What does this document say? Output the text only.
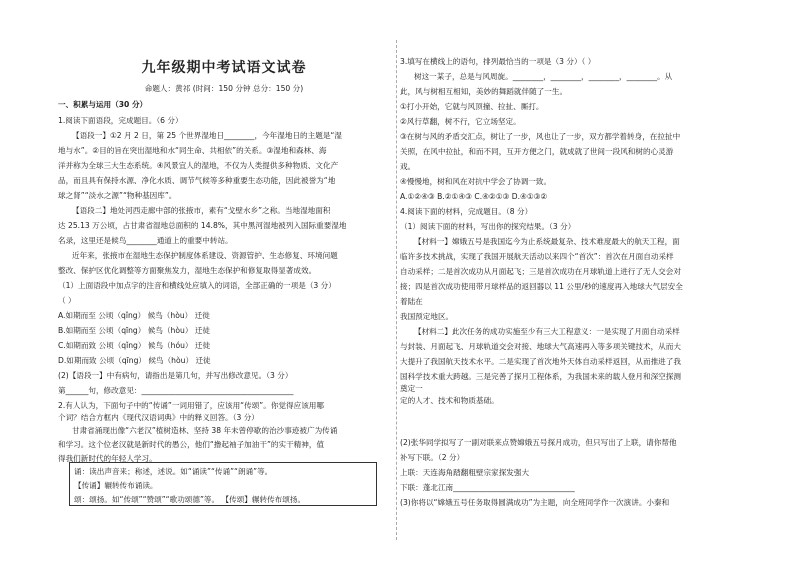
九年级期中考试语文试卷
命题人：黄祁 (时间：150 分钟 总分：150 分)
一、积累与运用（30 分）
1.阅读下面语段，完成题目。（6 分）
【语段一】①2 月 2 日，第 25 个世界湿地日________，今年湿地日的主题是“湿
地与水”。②目的旨在突出湿地和水“同生命、共相依”的关系。③湿地和森林、海
洋并称为全球三大生态系统。④风景宜人的湿地，不仅为人类提供多种物质、文化产
品，而且具有保持水源、净化水质、调节气候等多种重要生态功能，因此被誉为“地
球之肾”“淡水之源”“物种基因库”。
【语段二】地处河西走廊中部的张掖市，素有“戈壁水乡”之称。当地湿地面积
达 25.13 万公顷，占甘肃省湿地总面积的 14.8%，其中黑河湿地被列入国际重要湿地
名录，这里还是候鸟________通道上的重要中转站。
近年来，张掖市在湿地生态保护制度体系建设、资源管护、生态修复、环境问题
整改、保护区优化调整等方面聚焦发力，湿地生态保护和修复取得显著成效。
（1）上面语段中加点字的注音和横线处应填入的词语，全部正确的一项是（3 分）
（ ）
A.如期而至 公顷（qǐng） 候鸟（hòu） 迁徙
B.如期而至 公顷（qīng） 候鸟（hòu） 迁徒
C.如期而致 公顷（qǐng） 候鸟（hóu） 迁徙
D.如期而致 公顷（qīng） 候鸟（hòu） 迁徒
(2)【语段一】中有病句，请指出是第几句，并写出修改意见。（3 分）
第______句，修改意见：________________________________________
2.有人认为，下面句子中的“传诵”一词用错了，应该用“传颂”。你觉得应该用哪
个词？结合方框内《现代汉语词典》中的释义回答。（3 分）
甘肃省涌现出像“六老汉”植树造林、坚持 38 年未曾停歇的治沙事迹被广为传诵
和学习。这个位老汉就是新时代的愚公，他们“撸起袖子加油干”的实干精神，值
得我们新时代的年轻人学习。
诵：读出声音来；称述，述说。如“诵读”“传诵”“朗诵”等。
【传诵】辗转传布诵读。
颂：颂扬。如“传颂”“赞颂”“歌功颂德”等。 【传颂】辗转传布颂扬。
3.填写在横线上的语句，排列最恰当的一项是（3 分）（ ）
树这一某子，总是与风周旋。________，________，________，________。从
此，风与树相互相知，美妙的舞蹈就伴随了一生。
①打小开始，它就与风顶撞、拉扯、厮打。
②风行草翻，树不行，它立场坚定。
③在树与风的矛盾交汇点，树让了一步，风也让了一步，双方都学着转身，在拉扯中
关照，在风中拉扯，和而不同，互开方便之门，就成就了世间一段风和树的心灵游
戏。
④慢慢地，树和风在对抗中学会了协调一致。
A.①②④③ B.②①④③ C.④②①③ D.④①③②
4.阅读下面的材料，完成题目。（8 分）
（1）阅读下面的材料，写出你的探究结果。（3 分）
【材料一】嫦娥五号是我国迄今为止系统最复杂、技术难度最大的航天工程，面
临许多技术挑战，实现了我国开展航天活动以来四个“首次”：首次在月面自动采样
自动采样；二是首次成功从月面起飞；三是首次成功在月球轨道上进行了无人交会对
接；四是首次成功使用带月球样品的返回器以 11 公里/秒的速度再入地球大气层安全
着陆在
我国预定地区。
【材料二】此次任务的成功实施至少有三大工程意义：一是实现了月面自动采样
与封装、月面起飞、月球轨道交会对接、地球大气高速再入等多项关键技术，从而大
大提升了我国航天技术水平。二是实现了首次地外天体自动采样返回，从而推进了我
国科学技术重大跨越。三是完善了探月工程体系，为我国未来的载人登月和深空探测
奠定一
定的人才、技术和物质基础。
(2)张华同学拟写了一副对联来点赞嫦娥五号探月成功，但只写出了上联，请你帮他
补写下联。（2 分）
上联：天连海角踏翻粗壁宗家探发强大
下联：蓬北江南________________________________
(3)你将以“嫦娥五号任务取得圆满成功”为主题，向全班同学作一次演讲。小秦和
